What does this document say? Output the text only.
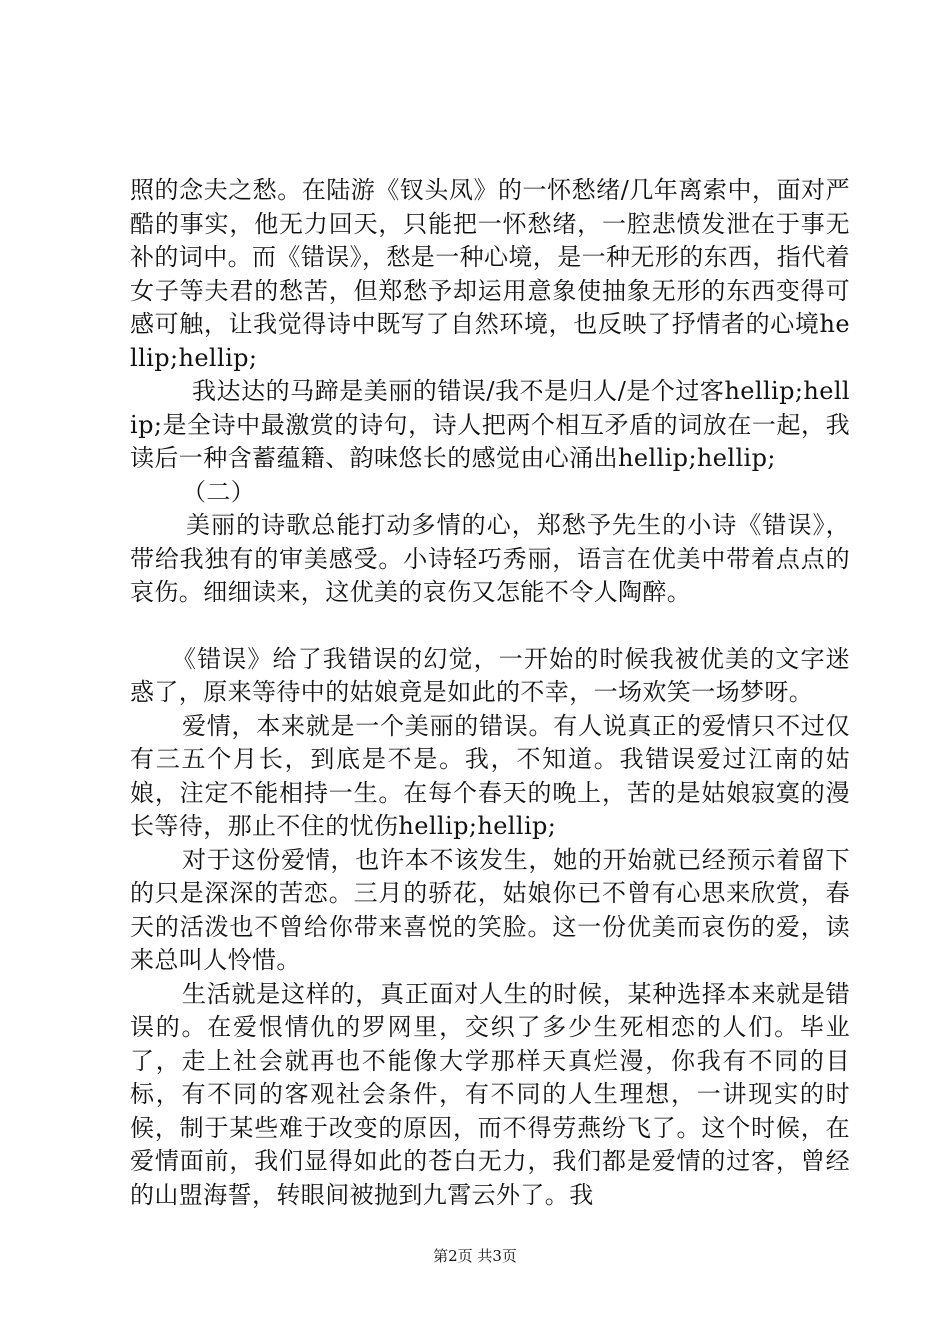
照的念夫之愁。在陆游《钗头凤》的一怀愁绪/几年离索中，面对严酷的事实，他无力回天，只能把一怀愁绪，一腔悲愤发泄在于事无补的词中。而《错误》，愁是一种心境，是一种无形的东西，指代着女子等夫君的愁苦，但郑愁予却运用意象使抽象无形的东西变得可感可触，让我觉得诗中既写了自然环境，也反映了抒情者的心境hellip;hellip;

我达达的马蹄是美丽的错误/我不是归人/是个过客hellip;hellip;是全诗中最激赏的诗句，诗人把两个相互矛盾的词放在一起，我读后一种含蓄蕴籍、韵味悠长的感觉由心涌出hellip;hellip;

（二）

美丽的诗歌总能打动多情的心，郑愁予先生的小诗《错误》，带给我独有的审美感受。小诗轻巧秀丽，语言在优美中带着点点的哀伤。细细读来，这优美的哀伤又怎能不令人陶醉。

《错误》给了我错误的幻觉，一开始的时候我被优美的文字迷惑了，原来等待中的姑娘竟是如此的不幸，一场欢笑一场梦呀。

爱情，本来就是一个美丽的错误。有人说真正的爱情只不过仅有三五个月长，到底是不是。我，不知道。我错误爱过江南的姑娘，注定不能相持一生。在每个春天的晚上，苦的是姑娘寂寞的漫长等待，那止不住的忧伤hellip;hellip;

对于这份爱情，也许本不该发生，她的开始就已经预示着留下的只是深深的苦恋。三月的骄花，姑娘你已不曾有心思来欣赏，春天的活泼也不曾给你带来喜悦的笑脸。这一份优美而哀伤的爱，读来总叫人怜惜。

生活就是这样的，真正面对人生的时候，某种选择本来就是错误的。在爱恨情仇的罗网里，交织了多少生死相恋的人们。毕业了，走上社会就再也不能像大学那样天真烂漫，你我有不同的目标，有不同的客观社会条件，有不同的人生理想，一讲现实的时候，制于某些难于改变的原因，而不得劳燕纷飞了。这个时候，在爱情面前，我们显得如此的苍白无力，我们都是爱情的过客，曾经的山盟海誓，转眼间被抛到九霄云外了。我

第2页 共3页
